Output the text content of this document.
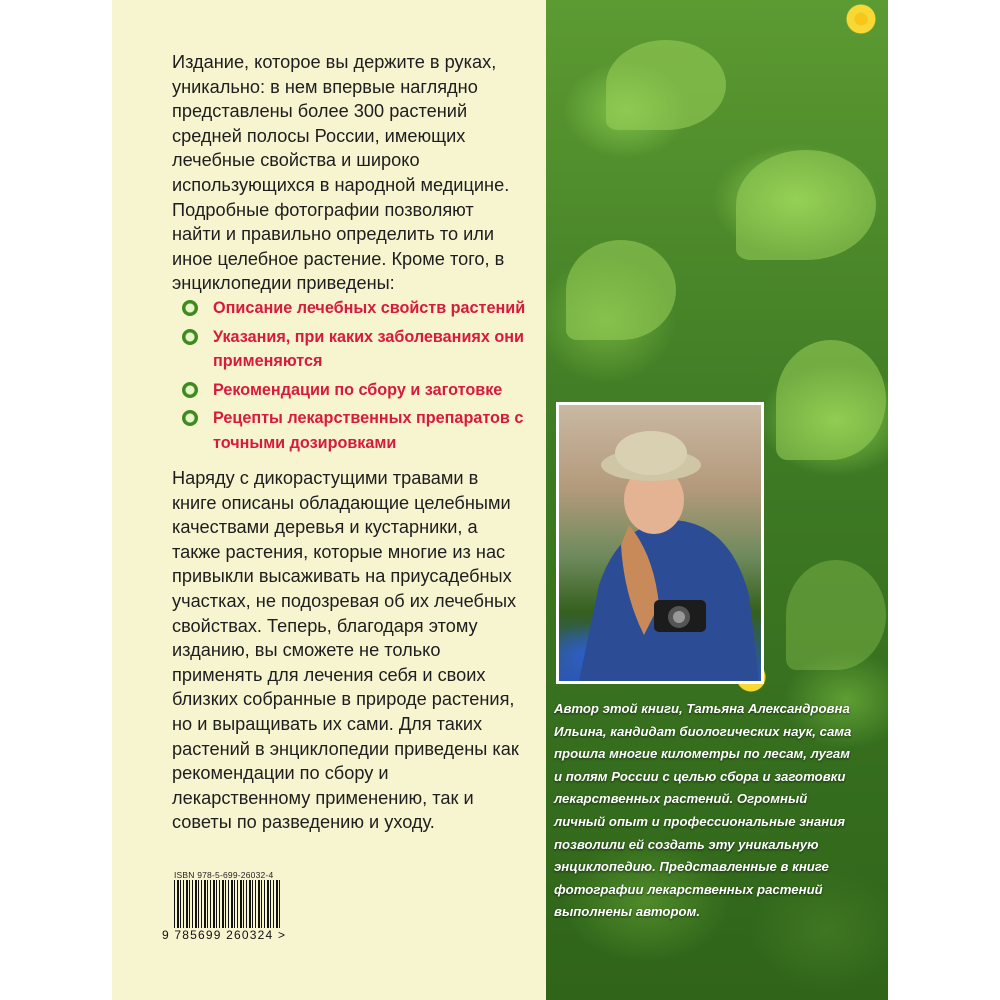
Издание, которое вы держите в руках, уникально: в нем впервые наглядно представлены более 300 растений средней полосы России, имеющих лечебные свойства и широко использующихся в народной медицине. Подробные фотографии позволяют найти и правильно определить то или иное целебное растение. Кроме того, в энциклопедии приведены:

Описание лечебных свойств растений
Указания, при каких заболеваниях они применяются
Рекомендации по сбору и заготовке
Рецепты лекарственных препаратов с точными дозировками

Наряду с дикорастущими травами в книге описаны обладающие целебными качествами деревья и кустарники, а также растения, которые многие из нас привыкли высаживать на приусадебных участках, не подозревая об их лечебных свойствах. Теперь, благодаря этому изданию, вы сможете не только применять для лечения себя и своих близких собранные в природе растения, но и выращивать их сами. Для таких растений в энциклопедии приведены как рекомендации по сбору и лекарственному применению, так и советы по разведению и уходу.

ISBN 978-5-699-26032-4
9 785699 260324 >

Автор этой книги, Татьяна Александровна Ильина, кандидат биологических наук, сама прошла многие километры по лесам, лугам и полям России с целью сбора и заготовки лекарственных растений. Огромный личный опыт и профессиональные знания позволили ей создать эту уникальную энциклопедию. Представленные в книге фотографии лекарственных растений выполнены автором.
